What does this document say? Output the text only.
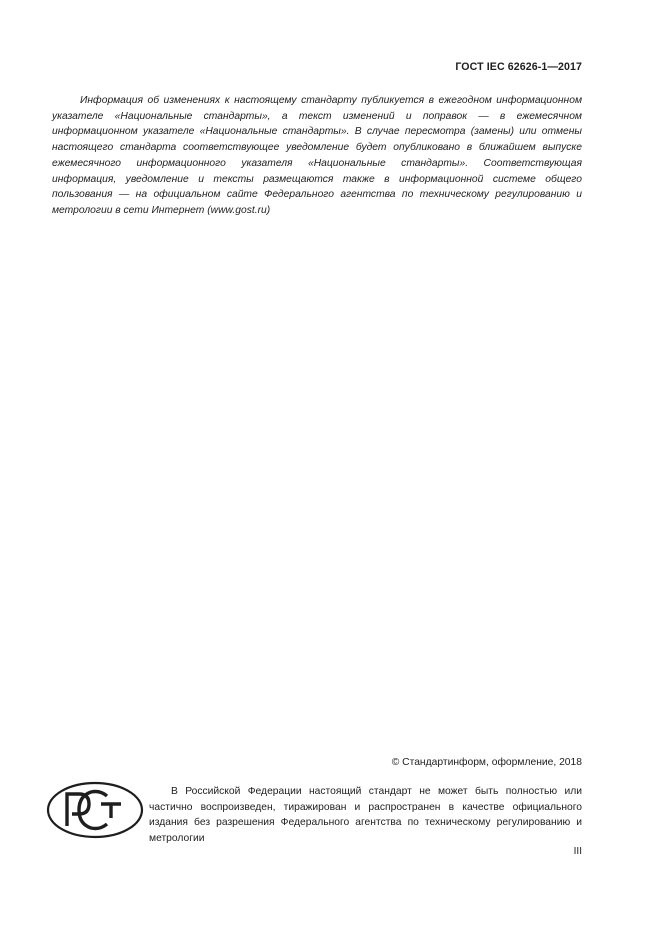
ГОСТ IEC 62626-1—2017

Информация об изменениях к настоящему стандарту публикуется в ежегодном информационном указателе «Национальные стандарты», а текст изменений и поправок — в ежемесячном информационном указателе «Национальные стандарты». В случае пересмотра (замены) или отмены настоящего стандарта соответствующее уведомление будет опубликовано в ближайшем выпуске ежемесячного информационного указателя «Национальные стандарты». Соответствующая информация, уведомление и тексты размещаются также в информационной системе общего пользования — на официальном сайте Федерального агентства по техническому регулированию и метрологии в сети Интернет (www.gost.ru)

© Стандартинформ, оформление, 2018

В Российской Федерации настоящий стандарт не может быть полностью или частично воспроизведен, тиражирован и распространен в качестве официального издания без разрешения Федерального агентства по техническому регулированию и метрологии

III
